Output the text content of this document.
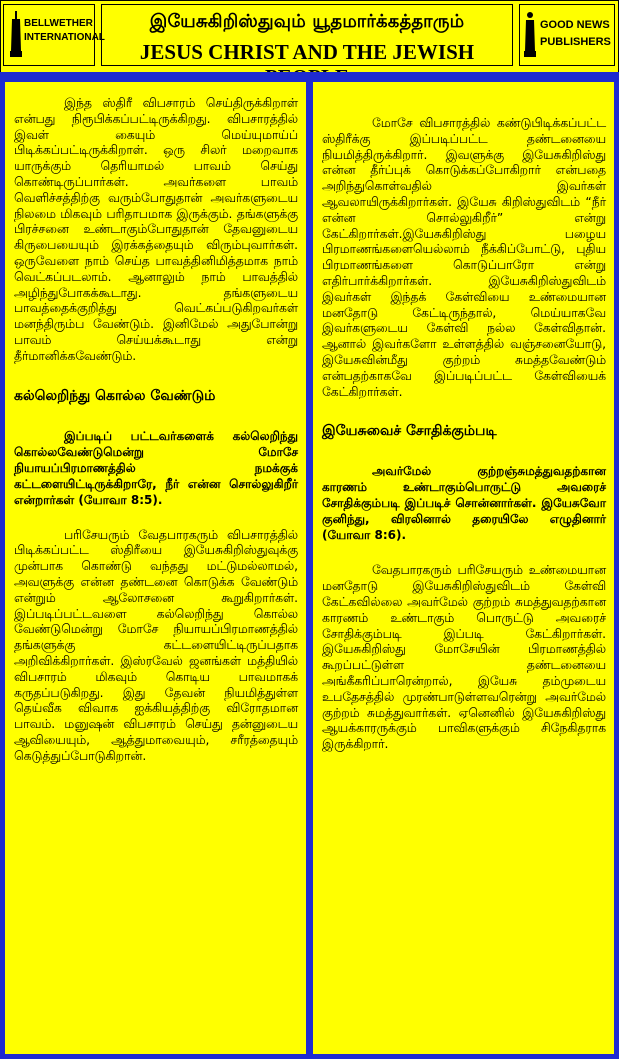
BELLWETHER
INTERNATIONAL
இயேசுகிறிஸ்துவும் யூதமார்க்கத்தாரும்
JESUS CHRIST AND THE JEWISH
GOOD NEWS
PUBLISHERS

இந்த ஸ்திரீ விபசாரம் செய்திருக்கிறாள் என்பது நிரூபிக்கப்பட்டிருக்கிறது. விபசாரத்தில் இவள் கையும் மெய்யுமாய்ப் பிடிக்கப்பட்டிருக்கிறாள். ஒரு சிலர் மறைவாக யாருக்கும் தெரியாமல் பாவம் செய்து கொண்டிருப்பார்கள். அவர்களை பாவம் வெளிச்சத்திற்கு வரும்போதுதான் அவர்களுடைய நிலமை மிகவும் பரிதாபமாக இருக்கும். தங்களுக்கு பிரச்சனை உண்டாகும்போதுதான் தேவனுடைய கிருபையையும் இரக்கத்தையும் விரும்புவார்கள். ஒருவேளை நாம் செய்த பாவத்தினிமித்தமாக நாம் வெட்கப்படலாம். ஆனாலும் நாம் பாவத்தில் அழிந்துபோகக்கூடாது. தங்களுடைய பாவத்தைக்குறித்து வெட்கப்படுகிறவர்கள் மனந்திரும்ப வேண்டும். இனிமேல் அதுபோன்று பாவம் செய்யக்கூடாது என்று தீர்மானிக்கவேண்டும்.

கல்லெறிந்து கொல்ல வேண்டும்

இப்படிப் பட்டவர்களைக் கல்லெறிந்து கொல்லவேண்டுமென்று மோசே நியாயப்பிரமாணத்தில் நமக்குக் கட்டளையிட்டிருக்கிறாரே, நீர் என்ன சொல்லுகிறீர் என்றார்கள் (யோவா 8:5).

பரிசேயரும் வேதபாரகரும் விபசாரத்தில் பிடிக்கப்பட்ட ஸ்திரீயை இயேசுகிறிஸ்துவுக்கு முன்பாக கொண்டு வந்தது மட்டுமல்லாமல், அவளுக்கு என்ன தண்டனை கொடுக்க வேண்டும் என்றும் ஆலோசனை கூறுகிறார்கள். இப்படிப்பட்டவளை கல்லெறிந்து கொல்ல வேண்டுமென்று மோசே நியாயப்பிரமாணத்தில் தங்களுக்கு கட்டளையிட்டிருப்பதாக அறிவிக்கிறார்கள். இஸ்ரவேல் ஜனங்கள் மத்தியில் விபசாரம் மிகவும் கொடிய பாவமாகக் கருதப்படுகிறது. இது தேவன் நியமித்துள்ள தெய்வீக விவாக ஐக்கியத்திற்கு விரோதமான பாவம். மனுஷன் விபசாரம் செய்து தன்னுடைய ஆவியையும், ஆத்துமாவையும், சரீரத்தையும் கெடுத்துப்போடுகிறான்.

மோசே விபசாரத்தில் கண்டுபிடிக்கப்பட்ட ஸ்திரீக்கு இப்படிப்பட்ட தண்டனையை நியமித்திருக்கிறார். இவளுக்கு இயேசுகிறிஸ்து என்ன தீர்ப்புக் கொடுக்கப்போகிறார் என்பதை அறிந்துகொள்வதில் இவர்கள் ஆவலாயிருக்கிறார்கள். இயேசு கிறிஸ்துவிடம் “நீர் என்ன சொல்லுகிறீர்” என்று கேட்கிறார்கள்.இயேசுகிறிஸ்து பழைய பிரமாணங்களையெல்லாம் நீக்கிப்போட்டு, புதிய பிரமாணங்களை கொடுப்பாரோ என்று எதிர்பார்க்கிறார்கள். இயேசுகிறிஸ்துவிடம் இவர்கள் இந்தக் கேள்வியை உண்மையான மனதோடு கேட்டிருந்தால், மெய்யாகவே இவர்களுடைய கேள்வி நல்ல கேள்விதான். ஆனால் இவர்களோ உள்ளத்தில் வஞ்சனையோடு, இயேசுவின்மீது குற்றம் சுமத்தவேண்டும் என்பதற்காகவே இப்படிப்பட்ட கேள்வியைக் கேட்கிறார்கள்.

இயேசுவைச் சோதிக்கும்படி

அவர்மேல் குற்றஞ்சுமத்துவதற்கான காரணம் உண்டாகும்பொருட்டு அவரைச் சோதிக்கும்படி இப்படிச் சொன்னார்கள். இயேசுவோ குனிந்து, விரலினால் தரையிலே எழுதினார் (யோவா 8:6).

வேதபாரகரும் பரிசேயரும் உண்மையான மனதோடு இயேசுகிறிஸ்துவிடம் கேள்வி கேட்கவில்லை அவர்மேல் குற்றம் சுமத்துவதற்கான காரணம் உண்டாகும் பொருட்டு அவரைச் சோதிக்கும்படி இப்படி கேட்கிறார்கள். இயேசுகிறிஸ்து மோசேயின் பிரமாணத்தில் கூறப்பட்டுள்ள தண்டனையை அங்கீகரிப்பாரென்றால், இயேசு தம்முடைய உபதேசத்தில் முரண்பாடுள்ளவரென்று அவர்மேல் குற்றம் சுமத்துவார்கள். ஏனெனில் இயேசுகிறிஸ்து ஆயக்காரருக்கும் பாவிகளுக்கும் சிநேகிதராக இருக்கிறார்.
